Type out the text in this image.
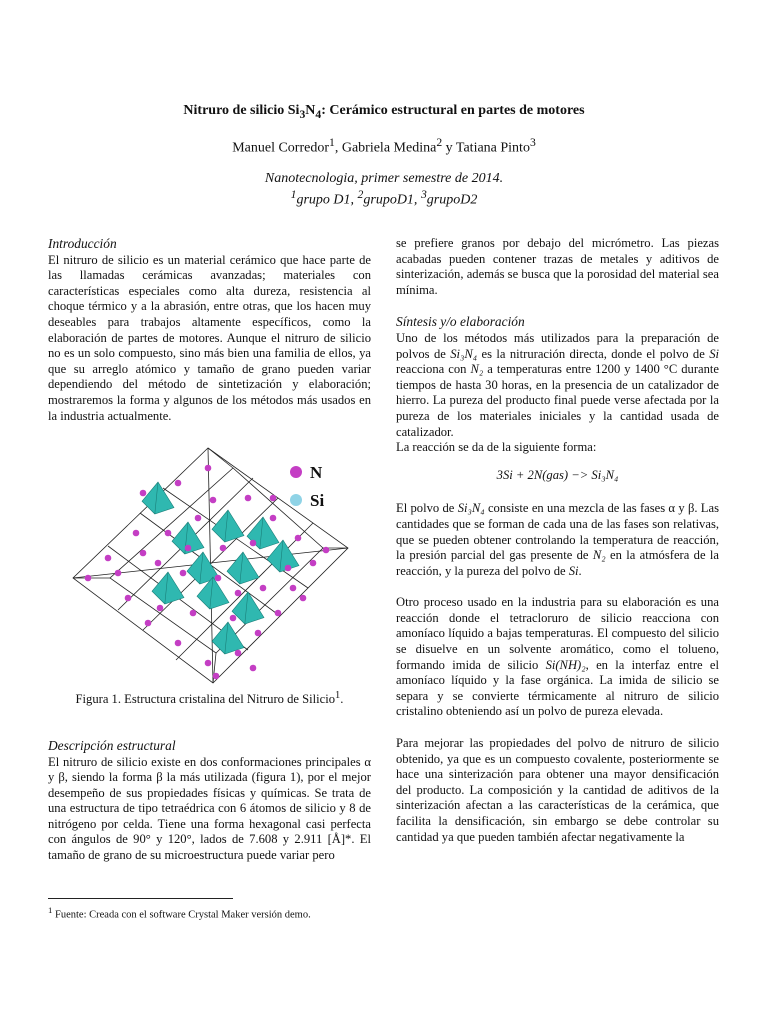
Nitruro de silicio $Si_3N_4$: Cerámico estructural en partes de motores
Manuel Corredor$^1$, Gabriela Medina$^2$ y Tatiana Pinto$^3$
Nanotecnologia, primer semestre de 2014.
$^1$grupo D1, $^2$grupoD1, $^3$grupoD2
Introducción

El nitruro de silicio es un material cerámico que hace parte de las llamadas cerámicas avanzadas; materiales con características especiales como alta dureza, resistencia al choque térmico y a la abrasión, entre otras, que los hacen muy deseables para trabajos altamente específicos, como la elaboración de partes de motores. Aunque el nitruro de silicio no es un solo compuesto, sino más bien una familia de ellos, ya que su arreglo atómico y tamaño de grano pueden variar dependiendo del método de sintetización y elaboración; mostraremos la forma y algunos de los métodos más usados en la industria actualmente.

N
Si
Figura 1. Estructura cristalina del Nitruro de Silicio$^1$.
Descripción estructural

El nitruro de silicio existe en dos conformaciones principales α y β, siendo la forma β la más utilizada (figura 1), por el mejor desempeño de sus propiedades físicas y químicas. Se trata de una estructura de tipo tetraédrica con 6 átomos de silicio y 8 de nitrógeno por celda. Tiene una forma hexagonal casi perfecta con ángulos de 90° y 120°, lados de 7.608 y 2.911 [Å]*. El tamaño de grano de su microestructura puede variar pero

se prefiere granos por debajo del micrómetro. Las piezas acabadas pueden contener trazas de metales y aditivos de sinterización, además se busca que la porosidad del material sea mínima.

Síntesis y/o elaboración

Uno de los métodos más utilizados para la preparación de polvos de Si₃N₄ es la nitruración directa, donde el polvo de Si reacciona con N₂ a temperaturas entre 1200 y 1400 °C durante tiempos de hasta 30 horas, en la presencia de un catalizador de hierro. La pureza del producto final puede verse afectada por la pureza de los materiales iniciales y la cantidad usada de catalizador.

La reacción se da de la siguiente forma:

3Si + 2N(gas) −> Si₃N₄

El polvo de Si₃N₄ consiste en una mezcla de las fases α y β. Las cantidades que se forman de cada una de las fases son relativas, que se pueden obtener controlando la temperatura de reacción, la presión parcial del gas presente de N₂ en la atmósfera de la reacción, y la pureza del polvo de Si.

Otro proceso usado en la industria para su elaboración es una reacción donde el tetracloruro de silicio reacciona con amoníaco líquido a bajas temperaturas. El compuesto del silicio se disuelve en un solvente aromático, como el tolueno, formando imida de silicio Si(NH)₂, en la interfaz entre el amoníaco líquido y la fase orgánica. La imida de silicio se separa y se convierte térmicamente al nitruro de silicio cristalino obteniendo así un polvo de pureza elevada.

Para mejorar las propiedades del polvo de nitruro de silicio obtenido, ya que es un compuesto covalente, posteriormente se hace una sinterización para obtener una mayor densificación del producto. La composición y la cantidad de aditivos de la sinterización afectan a las características de la cerámica, que facilita la densificación, sin embargo se debe controlar su cantidad ya que pueden también afectar negativamente la

$^1$ Fuente: Creada con el software Crystal Maker versión demo.
